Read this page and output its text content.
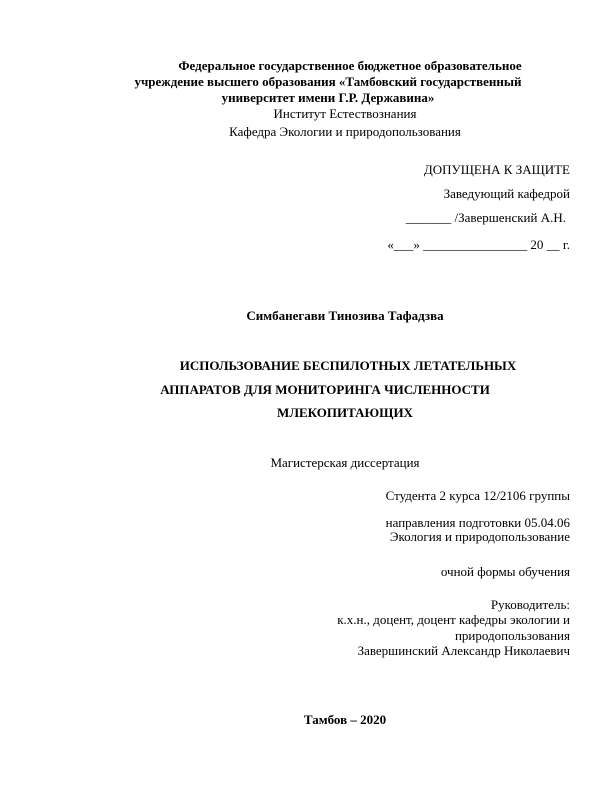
Федеральное государственное бюджетное образовательное
учреждение высшего образования «Тамбовский государственный
университет имени Г.Р. Державина»
Институт Естествознания
Кафедра Экологии и природопользования
ДОПУЩЕНА К ЗАЩИТЕ
Заведующий кафедрой
_______ /Завершенский А.Н.
«___» ________________ 20 __ г.
Симбанегави Тинозива Тафадзва
ИСПОЛЬЗОВАНИЕ БЕСПИЛОТНЫХ ЛЕТАТЕЛЬНЫХ
АППАРАТОВ ДЛЯ МОНИТОРИНГА ЧИСЛЕННОСТИ
МЛЕКОПИТАЮЩИХ
Магистерская диссертация
Студента 2 курса 12/2106 группы
направления подготовки 05.04.06
Экология и природопользование
очной формы обучения
Руководитель:
к.х.н., доцент, доцент кафедры экологии и
природопользования
Завершинский Александр Николаевич
Тамбов – 2020
